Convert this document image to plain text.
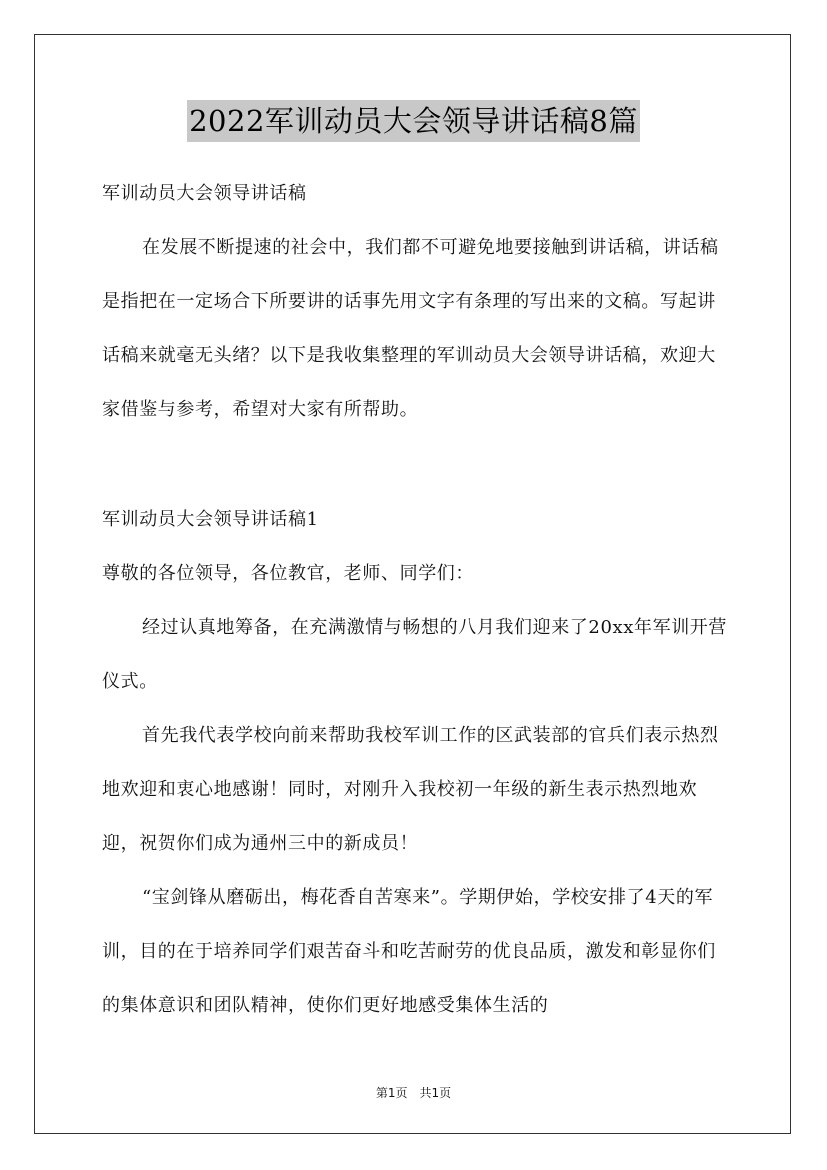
2022军训动员大会领导讲话稿8篇

军训动员大会领导讲话稿

在发展不断提速的社会中，我们都不可避免地要接触到讲话稿，讲话稿是指把在一定场合下所要讲的话事先用文字有条理的写出来的文稿。写起讲话稿来就毫无头绪？以下是我收集整理的军训动员大会领导讲话稿，欢迎大家借鉴与参考，希望对大家有所帮助。

军训动员大会领导讲话稿1

尊敬的各位领导，各位教官，老师、同学们：

经过认真地筹备，在充满激情与畅想的八月我们迎来了20xx年军训开营仪式。

首先我代表学校向前来帮助我校军训工作的区武装部的官兵们表示热烈地欢迎和衷心地感谢！同时，对刚升入我校初一年级的新生表示热烈地欢迎，祝贺你们成为通州三中的新成员！

“宝剑锋从磨砺出，梅花香自苦寒来”。学期伊始，学校安排了4天的军训，目的在于培养同学们艰苦奋斗和吃苦耐劳的优良品质，激发和彰显你们的集体意识和团队精神，使你们更好地感受集体生活的

第1页　共1页
